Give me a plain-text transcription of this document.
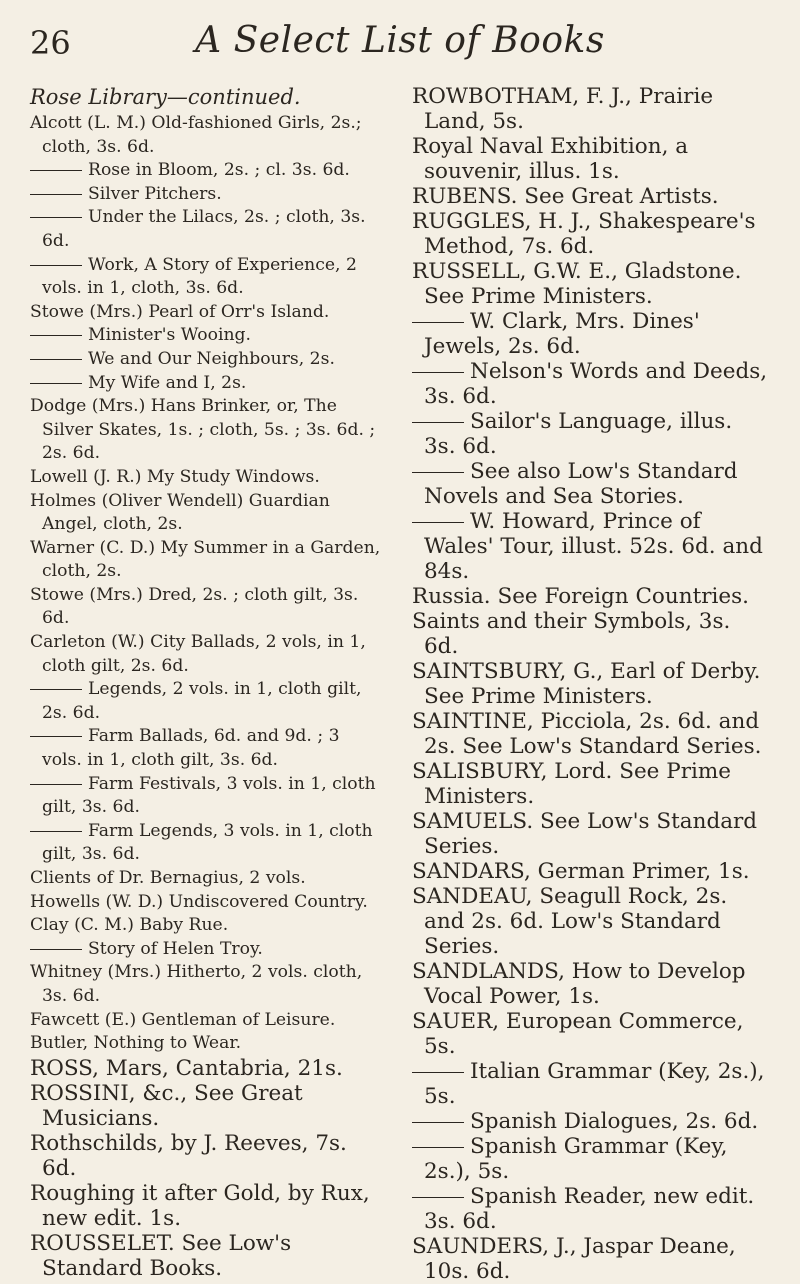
26	A Select List of Books

Rose Library—continued.

Alcott (L. M.) Old-fashioned Girls, 2s.; cloth, 3s. 6d.

Rose in Bloom, 2s. ; cl. 3s. 6d.

Silver Pitchers.

Under the Lilacs, 2s. ; cloth, 3s. 6d.

Work, A Story of Experience, 2 vols. in 1, cloth, 3s. 6d.

Stowe (Mrs.) Pearl of Orr's Island.

Minister's Wooing.

We and Our Neighbours, 2s.

My Wife and I, 2s.

Dodge (Mrs.) Hans Brinker, or, The Silver Skates, 1s. ; cloth, 5s. ; 3s. 6d. ; 2s. 6d.

Lowell (J. R.) My Study Windows.

Holmes (Oliver Wendell) Guardian Angel, cloth, 2s.

Warner (C. D.) My Summer in a Garden, cloth, 2s.

Stowe (Mrs.) Dred, 2s. ; cloth gilt, 3s. 6d.

Carleton (W.) City Ballads, 2 vols, in 1, cloth gilt, 2s. 6d.

Legends, 2 vols. in 1, cloth gilt, 2s. 6d.

Farm Ballads, 6d. and 9d. ; 3 vols. in 1, cloth gilt, 3s. 6d.

Farm Festivals, 3 vols. in 1, cloth gilt, 3s. 6d.

Farm Legends, 3 vols. in 1, cloth gilt, 3s. 6d.

Clients of Dr. Bernagius, 2 vols.

Howells (W. D.) Undiscovered Country.

Clay (C. M.) Baby Rue.

Story of Helen Troy.

Whitney (Mrs.) Hitherto, 2 vols. cloth, 3s. 6d.

Fawcett (E.) Gentleman of Leisure.

Butler, Nothing to Wear.

ROSS, Mars, Cantabria, 21s.

ROSSINI, &c., See Great Musicians.

Rothschilds, by J. Reeves, 7s. 6d.

Roughing it after Gold, by Rux, new edit. 1s.

ROUSSELET. See Low's Standard Books.

ROWBOTHAM, F. J., Prairie Land, 5s.

Royal Naval Exhibition, a souvenir, illus. 1s.

RUBENS. See Great Artists.

RUGGLES, H. J., Shakespeare's Method, 7s. 6d.

RUSSELL, G.W. E., Gladstone. See Prime Ministers.

W. Clark, Mrs. Dines' Jewels, 2s. 6d.

Nelson's Words and Deeds, 3s. 6d.

Sailor's Language, illus. 3s. 6d.

See also Low's Standard Novels and Sea Stories.

W. Howard, Prince of Wales' Tour, illust. 52s. 6d. and 84s.

Russia. See Foreign Countries.

Saints and their Symbols, 3s. 6d.

SAINTSBURY, G., Earl of Derby. See Prime Ministers.

SAINTINE, Picciola, 2s. 6d. and 2s. See Low's Standard Series.

SALISBURY, Lord. See Prime Ministers.

SAMUELS. See Low's Standard Series.

SANDARS, German Primer, 1s.

SANDEAU, Seagull Rock, 2s. and 2s. 6d. Low's Standard Series.

SANDLANDS, How to Develop Vocal Power, 1s.

SAUER, European Commerce, 5s.

Italian Grammar (Key, 2s.), 5s.

Spanish Dialogues, 2s. 6d.

Spanish Grammar (Key, 2s.), 5s.

Spanish Reader, new edit. 3s. 6d.

SAUNDERS, J., Jaspar Deane, 10s. 6d.
